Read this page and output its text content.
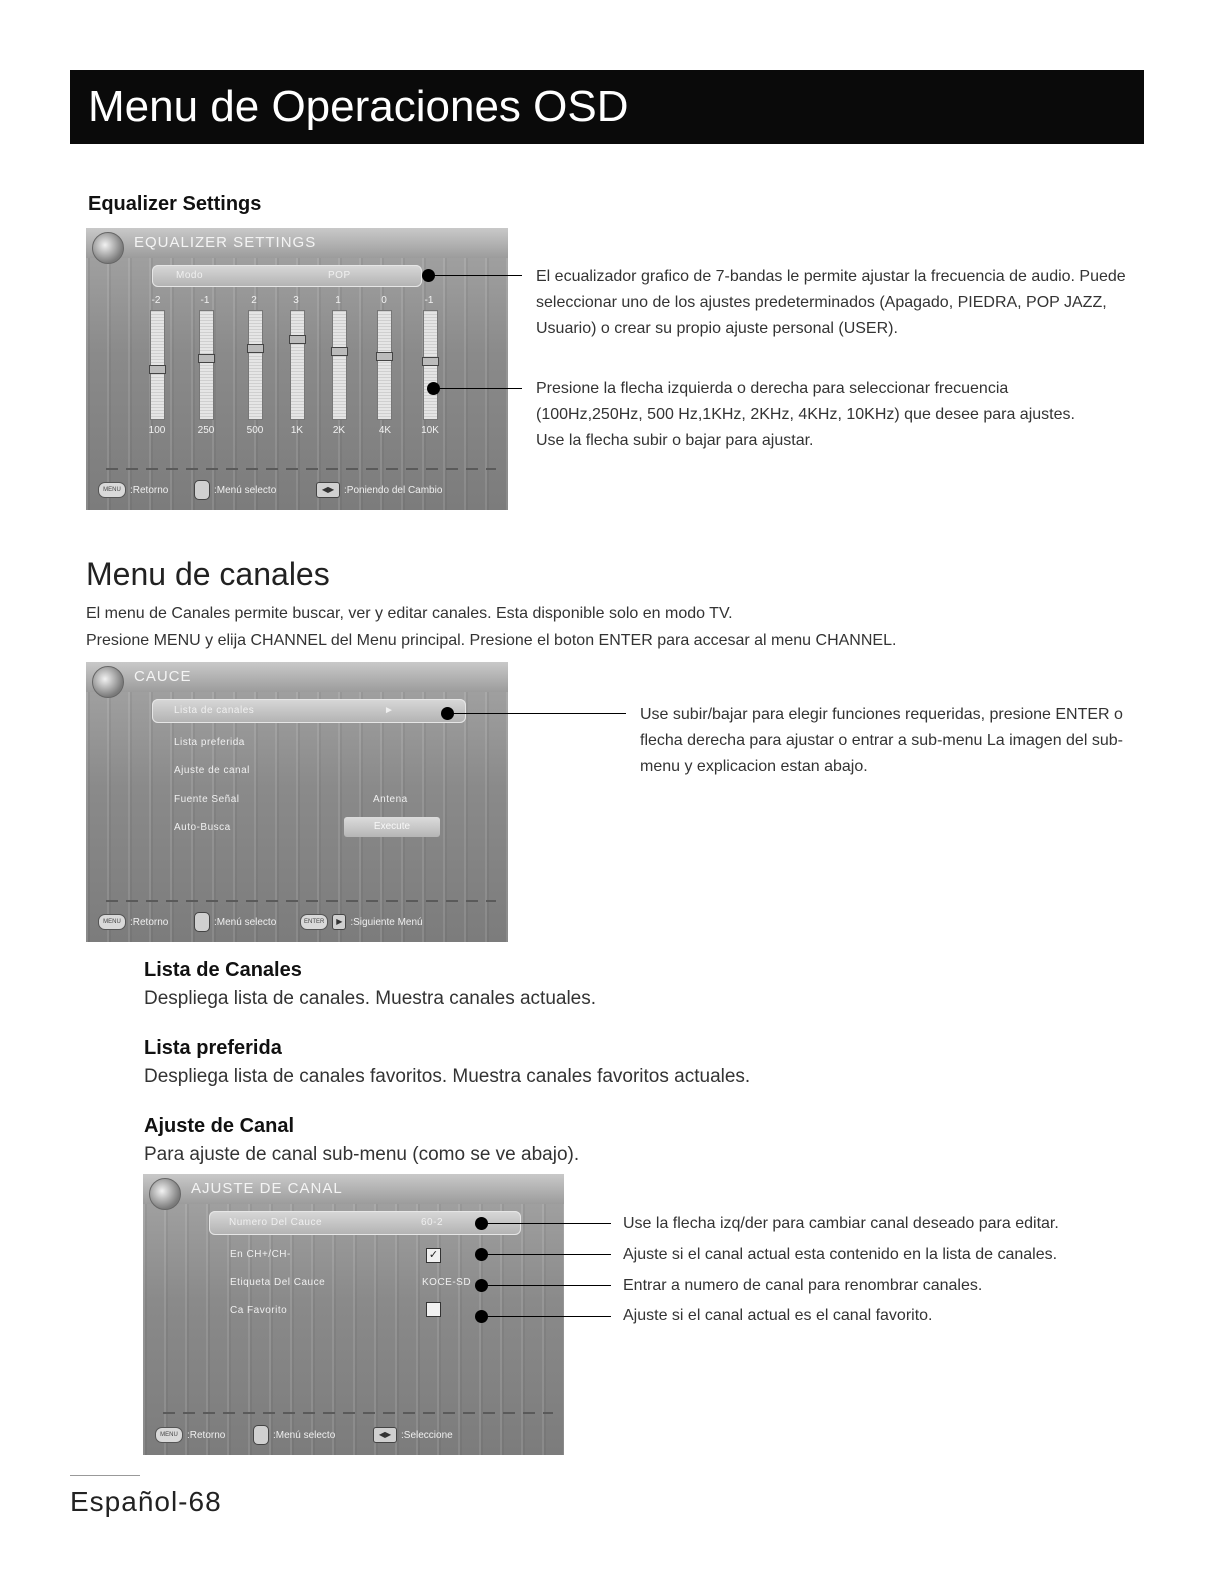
Menu de Operaciones OSD
Equalizer Settings
EQUALIZER SETTINGS
Modo	POP
-2	-1	2	3	1	0	-1
100	250	500	1K	2K	4K	10K
MENU :Retorno	:Menú selecto	◀▶ :Poniendo del Cambio
El ecualizador grafico de 7-bandas le permite ajustar la frecuencia de audio. Puede seleccionar uno de los ajustes predeterminados (Apagado, PIEDRA, POP JAZZ, Usuario) o crear su propio ajuste personal (USER).
Presione la flecha izquierda o derecha para seleccionar frecuencia (100Hz,250Hz, 500 Hz,1KHz, 2KHz, 4KHz, 10KHz) que desee para ajustes. Use la flecha subir o bajar para ajustar.
Menu de canales
El menu de Canales permite buscar, ver y editar canales. Esta disponible solo en modo TV.
Presione MENU y elija CHANNEL del Menu principal. Presione el boton ENTER para accesar al menu CHANNEL.
CAUCE
Lista de canales	►
Lista preferida
Ajuste de canal
Fuente Señal	Antena
Auto-Busca	Execute
MENU :Retorno	:Menú selecto	ENTER	▶ :Siguiente Menú
Use subir/bajar para elegir funciones requeridas, presione ENTER o flecha derecha para ajustar o entrar a sub-menu La imagen del sub-menu y explicacion estan abajo.
Lista de Canales
Despliega lista de canales. Muestra canales actuales.
Lista preferida
Despliega lista de canales favoritos. Muestra canales favoritos actuales.
Ajuste de Canal
Para ajuste de canal sub-menu (como se ve abajo).
AJUSTE DE CANAL
Numero Del Cauce	60-2
En CH+/CH-	✓
Etiqueta Del Cauce	KOCE-SD
Ca Favorito
MENU :Retorno	:Menú selecto	◀▶ :Seleccione
Use la flecha izq/der para cambiar canal deseado para editar.
Ajuste si el canal actual esta contenido en la lista de canales.
Entrar a numero de canal para renombrar canales.
Ajuste si el canal actual es el canal favorito.
Español-68
